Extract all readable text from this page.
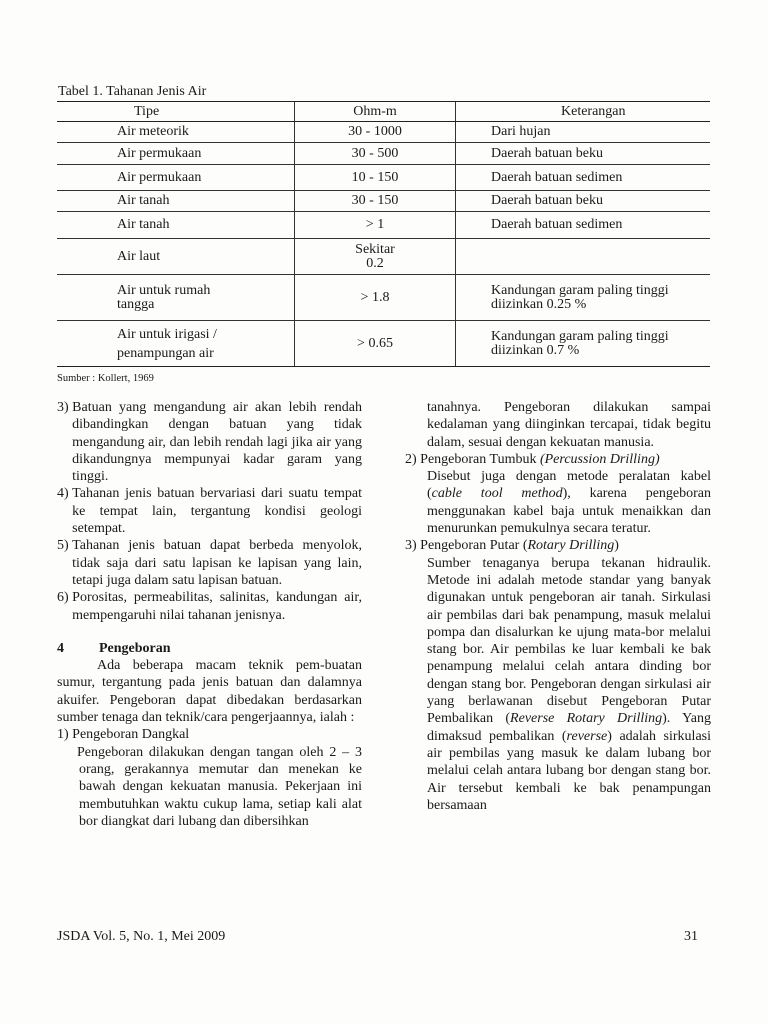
Tabel 1. Tahanan Jenis Air
Tipe	Ohm-m	Keterangan
Air meteorik	30 - 1000	Dari hujan
Air permukaan	30 - 500	Daerah batuan beku
Air permukaan	10 - 150	Daerah batuan sedimen
Air tanah	30 - 150	Daerah batuan beku
Air tanah	> 1	Daerah batuan sedimen
Air laut	Sekitar 0.2	
Air untuk rumah tangga	> 1.8	Kandungan garam paling tinggi diizinkan 0.25 %
Air untuk irigasi / penampungan air	> 0.65	Kandungan garam paling tinggi diizinkan 0.7 %
Sumber : Kollert, 1969
3) Batuan yang mengandung air akan lebih rendah dibandingkan dengan batuan yang tidak mengandung air, dan lebih rendah lagi jika air yang dikandungnya mempunyai kadar garam yang tinggi.
4) Tahanan jenis batuan bervariasi dari suatu tempat ke tempat lain, tergantung kondisi geologi setempat.
5) Tahanan jenis batuan dapat berbeda menyolok, tidak saja dari satu lapisan ke lapisan yang lain, tetapi juga dalam satu lapisan batuan.
6) Porositas, permeabilitas, salinitas, kandungan air, mempengaruhi nilai tahanan jenisnya.
4	Pengeboran
Ada beberapa macam teknik pem-buatan sumur, tergantung pada jenis batuan dan dalamnya akuifer. Pengeboran dapat dibedakan berdasarkan sumber tenaga dan teknik/cara pengerjaannya, ialah :
1) Pengeboran Dangkal
Pengeboran dilakukan dengan tangan oleh 2 – 3 orang, gerakannya memutar dan menekan ke bawah dengan kekuatan manusia. Pekerjaan ini membutuhkan waktu cukup lama, setiap kali alat bor diangkat dari lubang dan dibersihkan
tanahnya. Pengeboran dilakukan sampai kedalaman yang diinginkan tercapai, tidak begitu dalam, sesuai dengan kekuatan manusia.
2) Pengeboran Tumbuk (Percussion Drilling)
Disebut juga dengan metode peralatan kabel (cable tool method), karena pengeboran menggunakan kabel baja untuk menaikkan dan menurunkan pemukulnya secara teratur.
3) Pengeboran Putar (Rotary Drilling)
Sumber tenaganya berupa tekanan hidraulik. Metode ini adalah metode standar yang banyak digunakan untuk pengeboran air tanah. Sirkulasi air pembilas dari bak penampung, masuk melalui pompa dan disalurkan ke ujung mata-bor melalui stang bor. Air pembilas ke luar kembali ke bak penampung melalui celah antara dinding bor dengan stang bor. Pengeboran dengan sirkulasi air yang berlawanan disebut Pengeboran Putar Pembalikan (Reverse Rotary Drilling). Yang dimaksud pembalikan (reverse) adalah sirkulasi air pembilas yang masuk ke dalam lubang bor melalui celah antara lubang bor dengan stang bor. Air tersebut kembali ke bak penampungan bersamaan
JSDA Vol. 5, No. 1, Mei 2009	31
